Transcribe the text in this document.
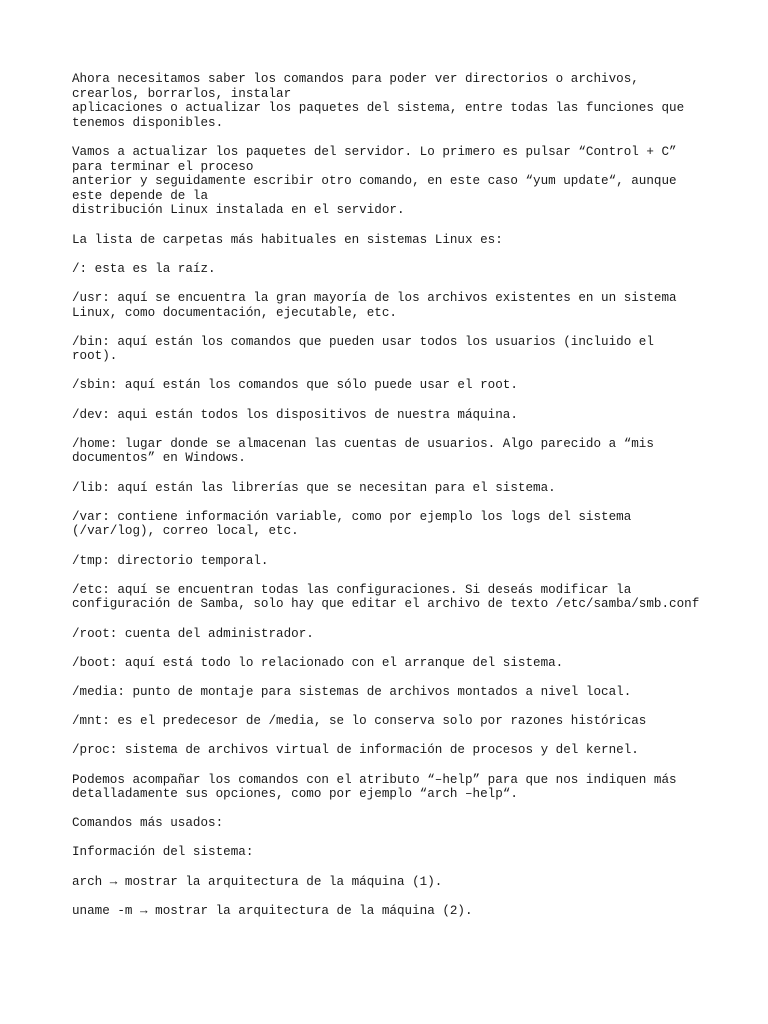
Ahora necesitamos saber los comandos para poder ver directorios o archivos,
crearlos, borrarlos, instalar
aplicaciones o actualizar los paquetes del sistema, entre todas las funciones que
tenemos disponibles.
Vamos a actualizar los paquetes del servidor. Lo primero es pulsar “Control + C”
para terminar el proceso
anterior y seguidamente escribir otro comando, en este caso “yum update“, aunque
este depende de la
distribución Linux instalada en el servidor.
La lista de carpetas más habituales en sistemas Linux es:
/: esta es la raíz.
/usr: aquí se encuentra la gran mayoría de los archivos existentes en un sistema
Linux, como documentación, ejecutable, etc.
/bin: aquí están los comandos que pueden usar todos los usuarios (incluido el
root).
/sbin: aquí están los comandos que sólo puede usar el root.
/dev: aqui están todos los dispositivos de nuestra máquina.
/home: lugar donde se almacenan las cuentas de usuarios. Algo parecido a “mis
documentos” en Windows.
/lib: aquí están las librerías que se necesitan para el sistema.
/var: contiene información variable, como por ejemplo los logs del sistema
(/var/log), correo local, etc.
/tmp: directorio temporal.
/etc: aquí se encuentran todas las configuraciones. Si deseás modificar la
configuración de Samba, solo hay que editar el archivo de texto /etc/samba/smb.conf
/root: cuenta del administrador.
/boot: aquí está todo lo relacionado con el arranque del sistema.
/media: punto de montaje para sistemas de archivos montados a nivel local.
/mnt: es el predecesor de /media, se lo conserva solo por razones históricas
/proc: sistema de archivos virtual de información de procesos y del kernel.
Podemos acompañar los comandos con el atributo “–help” para que nos indiquen más
detalladamente sus opciones, como por ejemplo “arch –help“.
Comandos más usados:
Información del sistema:
arch → mostrar la arquitectura de la máquina (1).
uname -m → mostrar la arquitectura de la máquina (2).
